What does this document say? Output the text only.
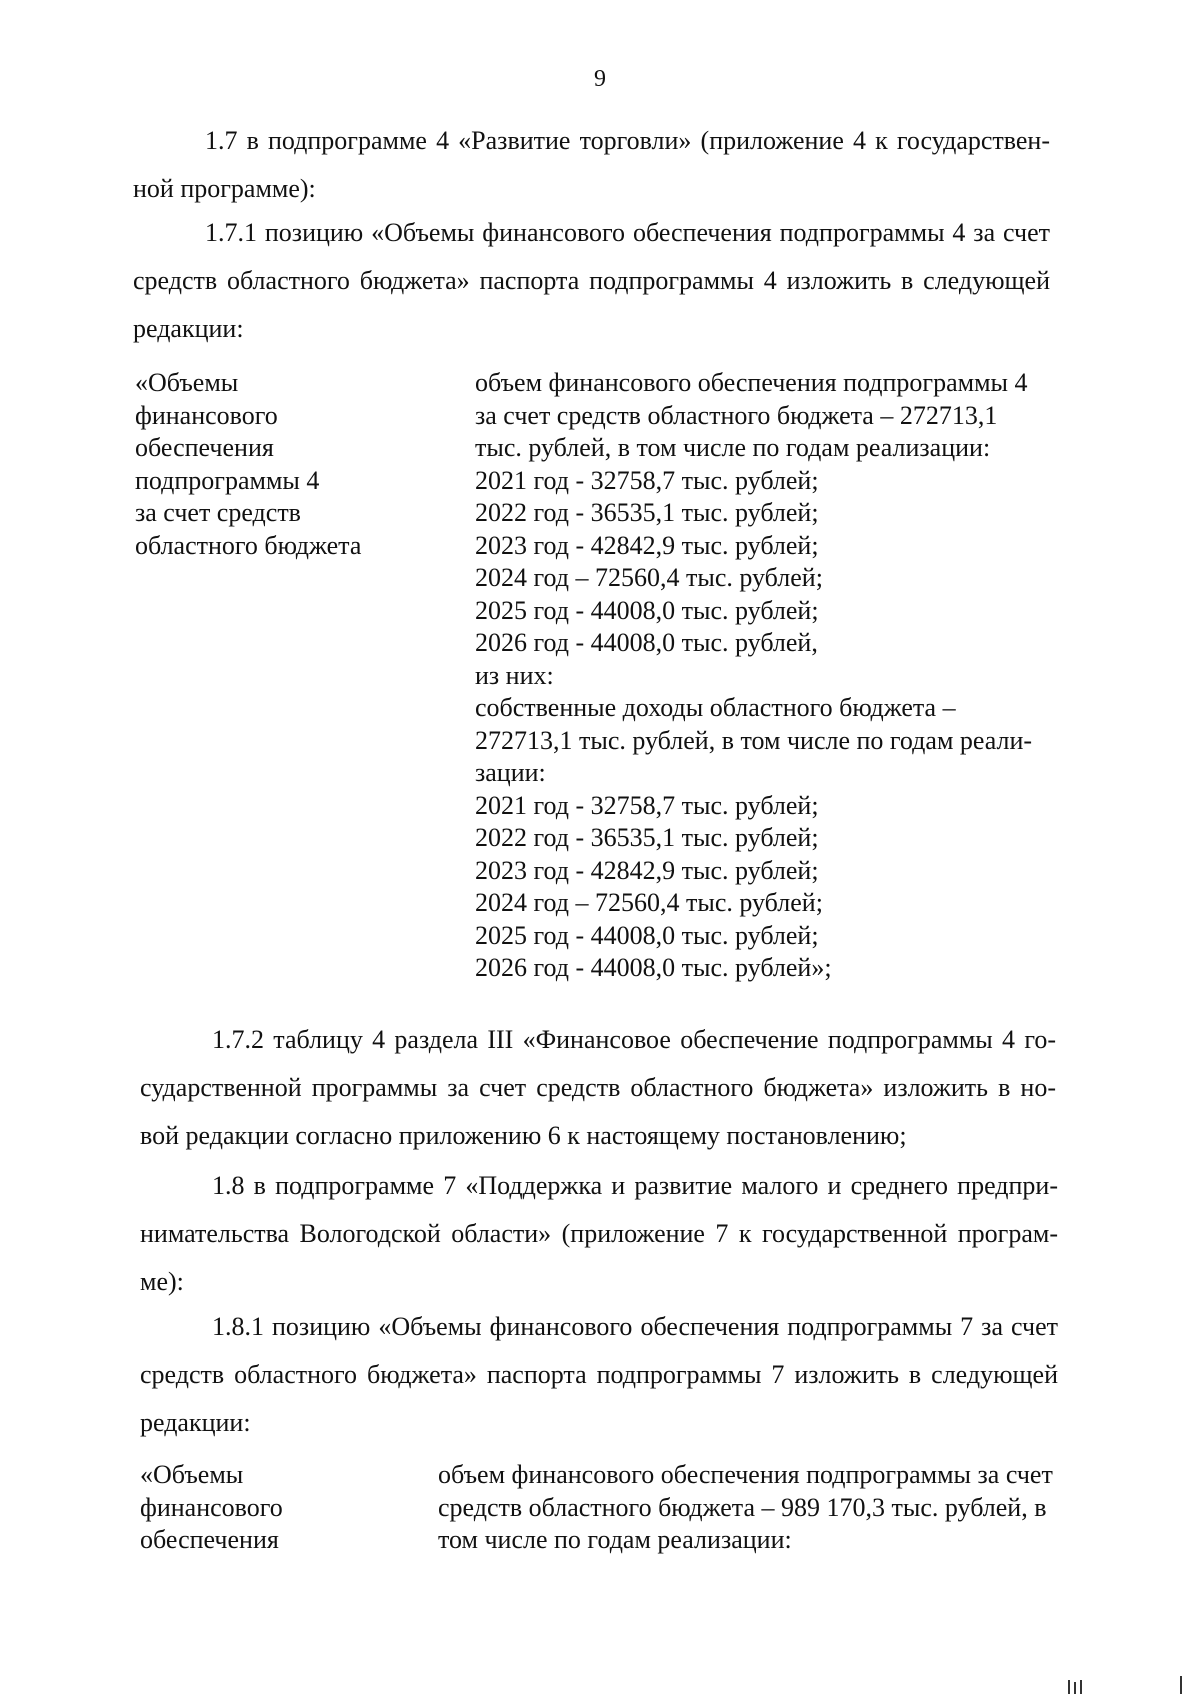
9
1.7 в подпрограмме 4 «Развитие торговли» (приложение 4 к государствен-
ной программе):
1.7.1 позицию «Объемы финансового обеспечения подпрограммы 4 за счет
средств областного бюджета» паспорта подпрограммы 4 изложить в следующей
редакции:
«Объемы
финансового
обеспечения
подпрограммы 4
за счет средств
областного бюджета
объем финансового обеспечения подпрограммы 4
за счет средств областного бюджета – 272713,1
тыс. рублей, в том числе по годам реализации:
2021 год - 32758,7 тыс. рублей;
2022 год - 36535,1 тыс. рублей;
2023 год - 42842,9 тыс. рублей;
2024 год – 72560,4 тыс. рублей;
2025 год - 44008,0 тыс. рублей;
2026 год - 44008,0 тыс. рублей,
из них:
собственные доходы областного бюджета –
272713,1 тыс. рублей, в том числе по годам реали-
зации:
2021 год - 32758,7 тыс. рублей;
2022 год - 36535,1 тыс. рублей;
2023 год - 42842,9 тыс. рублей;
2024 год – 72560,4 тыс. рублей;
2025 год - 44008,0 тыс. рублей;
2026 год - 44008,0 тыс. рублей»;
1.7.2 таблицу 4 раздела III «Финансовое обеспечение подпрограммы 4 го-
сударственной программы за счет средств областного бюджета» изложить в но-
вой редакции согласно приложению 6 к настоящему постановлению;
1.8 в подпрограмме 7 «Поддержка и развитие малого и среднего предпри-
нимательства Вологодской области» (приложение 7 к государственной програм-
ме):
1.8.1 позицию «Объемы финансового обеспечения подпрограммы 7 за счет
средств областного бюджета» паспорта подпрограммы 7 изложить в следующей
редакции:
«Объемы
финансового
обеспечения
объем финансового обеспечения подпрограммы за счет
средств областного бюджета – 989 170,3 тыс. рублей, в
том числе по годам реализации:
